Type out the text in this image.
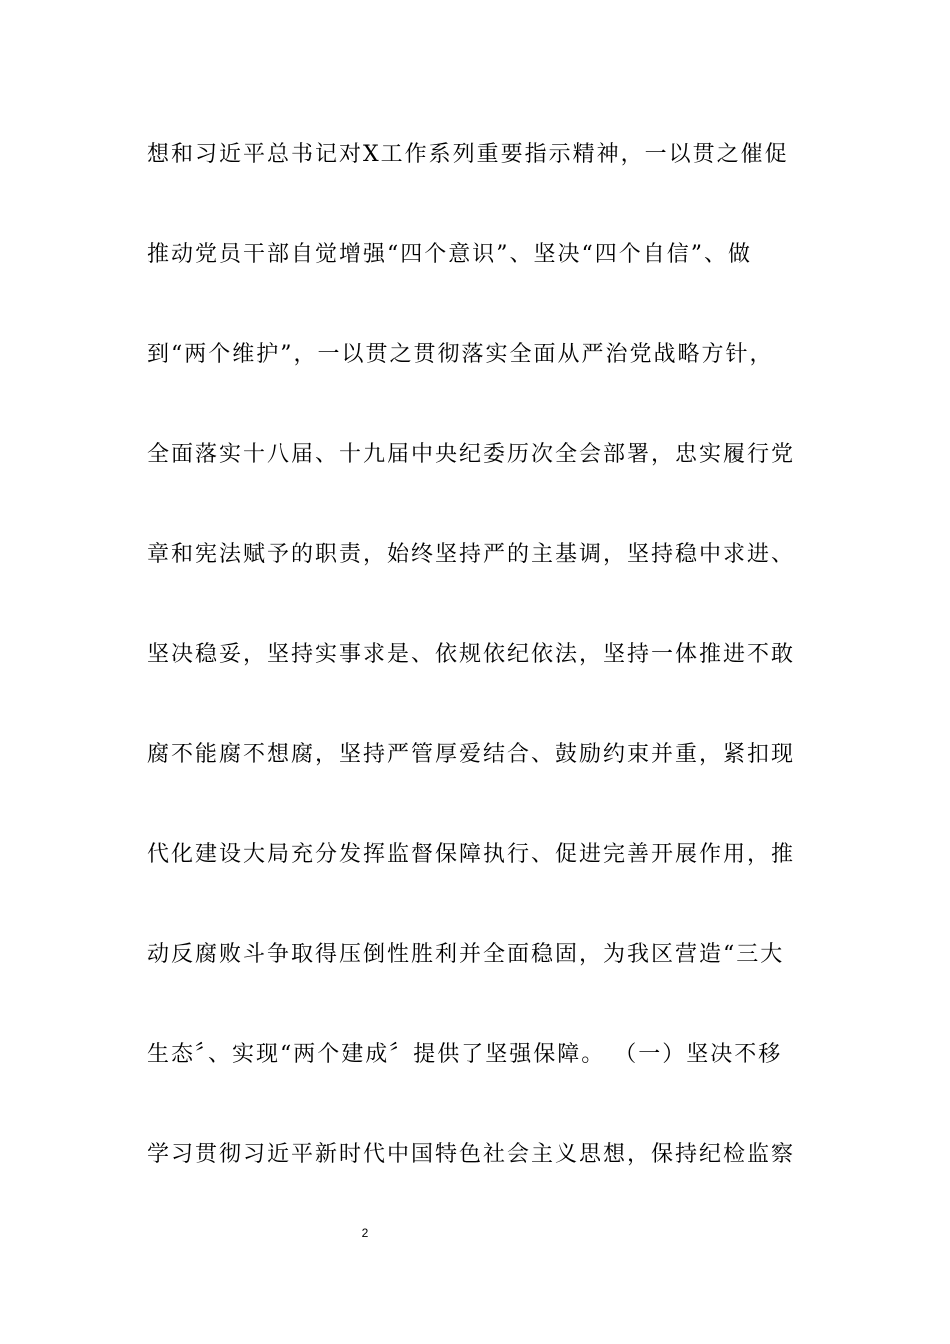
想和习近平总书记对Ⅹ工作系列重要指示精神，一以贯之催促
推动党员干部自觉增强“四个意识”、坚决“四个自信”、做
到“两个维护”，一以贯之贯彻落实全面从严治党战略方针，
全面落实十八届、十九届中央纪委历次全会部署，忠实履行党
章和宪法赋予的职责，始终坚持严的主基调，坚持稳中求进、
坚决稳妥，坚持实事求是、依规依纪依法，坚持一体推进不敢
腐不能腐不想腐，坚持严管厚爱结合、鼓励约束并重，紧扣现
代化建设大局充分发挥监督保障执行、促进完善开展作用，推
动反腐败斗争取得压倒性胜利并全面稳固，为我区营造“三大
生态〞、实现“两个建成〞提供了坚强保障。 （一）坚决不移
学习贯彻习近平新时代中国特色社会主义思想，保持纪检监察
2
